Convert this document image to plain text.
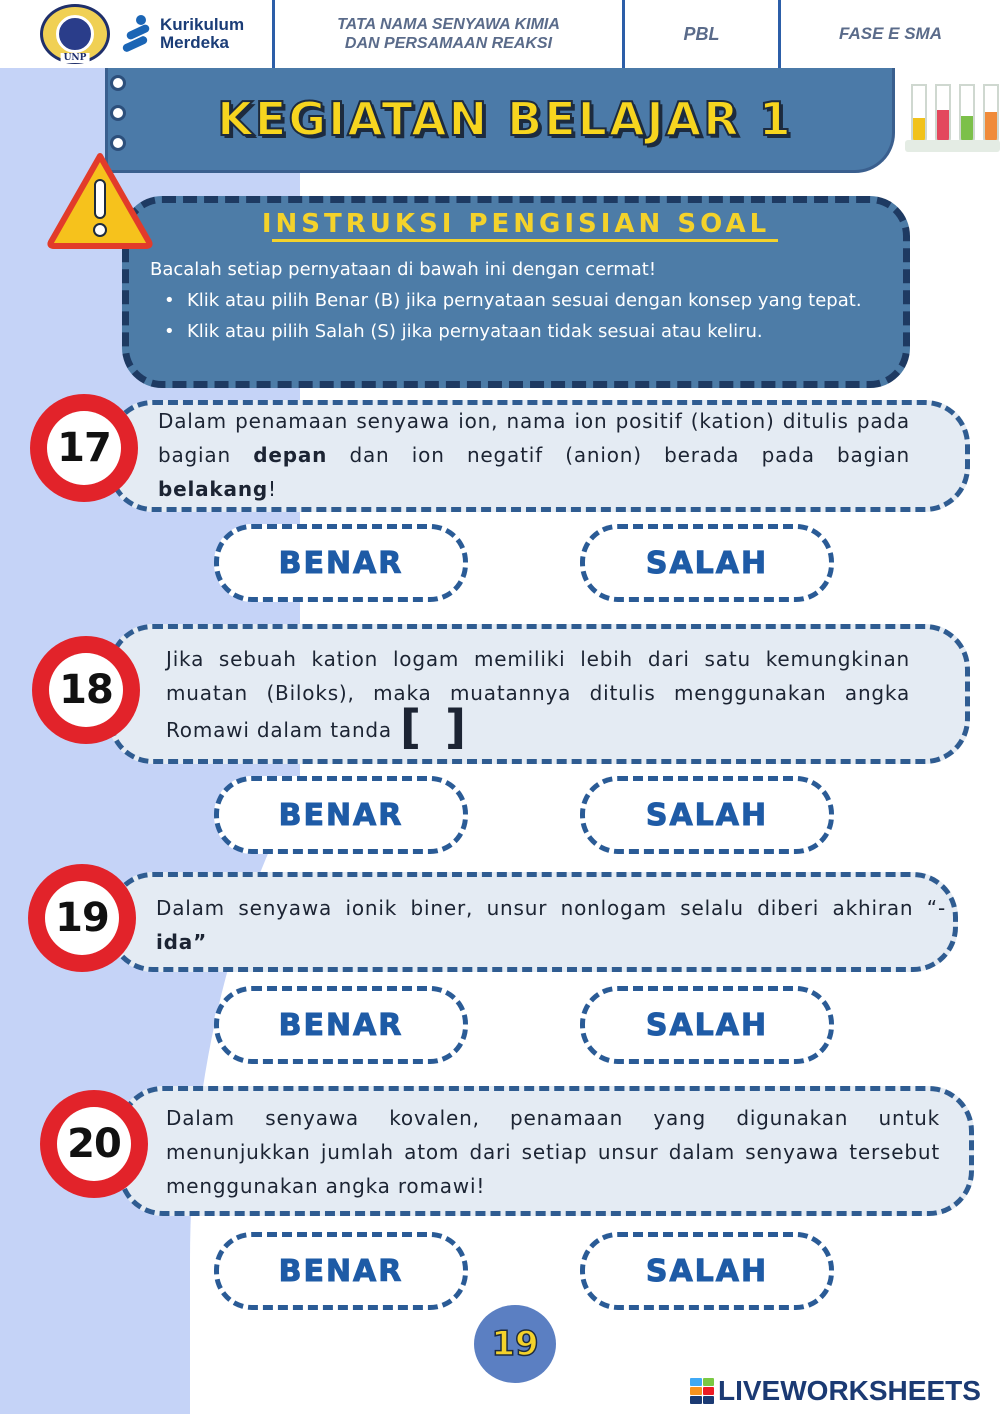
UNP
Kurikulum
Merdeka
TATA NAMA SENYAWA KIMIA
DAN PERSAMAAN REAKSI	PBL	FASE E SMA
KEGIATAN BELAJAR 1
INSTRUKSI PENGISIAN SOAL
Bacalah setiap pernyataan di bawah ini dengan cermat!
• Klik atau pilih Benar (B) jika pernyataan sesuai dengan konsep yang tepat.
• Klik atau pilih Salah (S) jika pernyataan tidak sesuai atau keliru.
17
Dalam penamaan senyawa ion, nama ion positif (kation) ditulis pada bagian depan dan ion negatif (anion) berada pada bagian belakang!
BENAR	SALAH
18
Jika sebuah kation logam memiliki lebih dari satu kemungkinan muatan (Biloks), maka muatannya ditulis menggunakan angka Romawi dalam tanda [ ]
BENAR	SALAH
19	Dalam senyawa ionik biner, unsur nonlogam selalu diberi akhiran “- ida”
BENAR	SALAH
20
Dalam senyawa kovalen, penamaan yang digunakan untuk menunjukkan jumlah atom dari setiap unsur dalam senyawa tersebut menggunakan angka romawi!
BENAR	SALAH
19
LIVEWORKSHEETS
